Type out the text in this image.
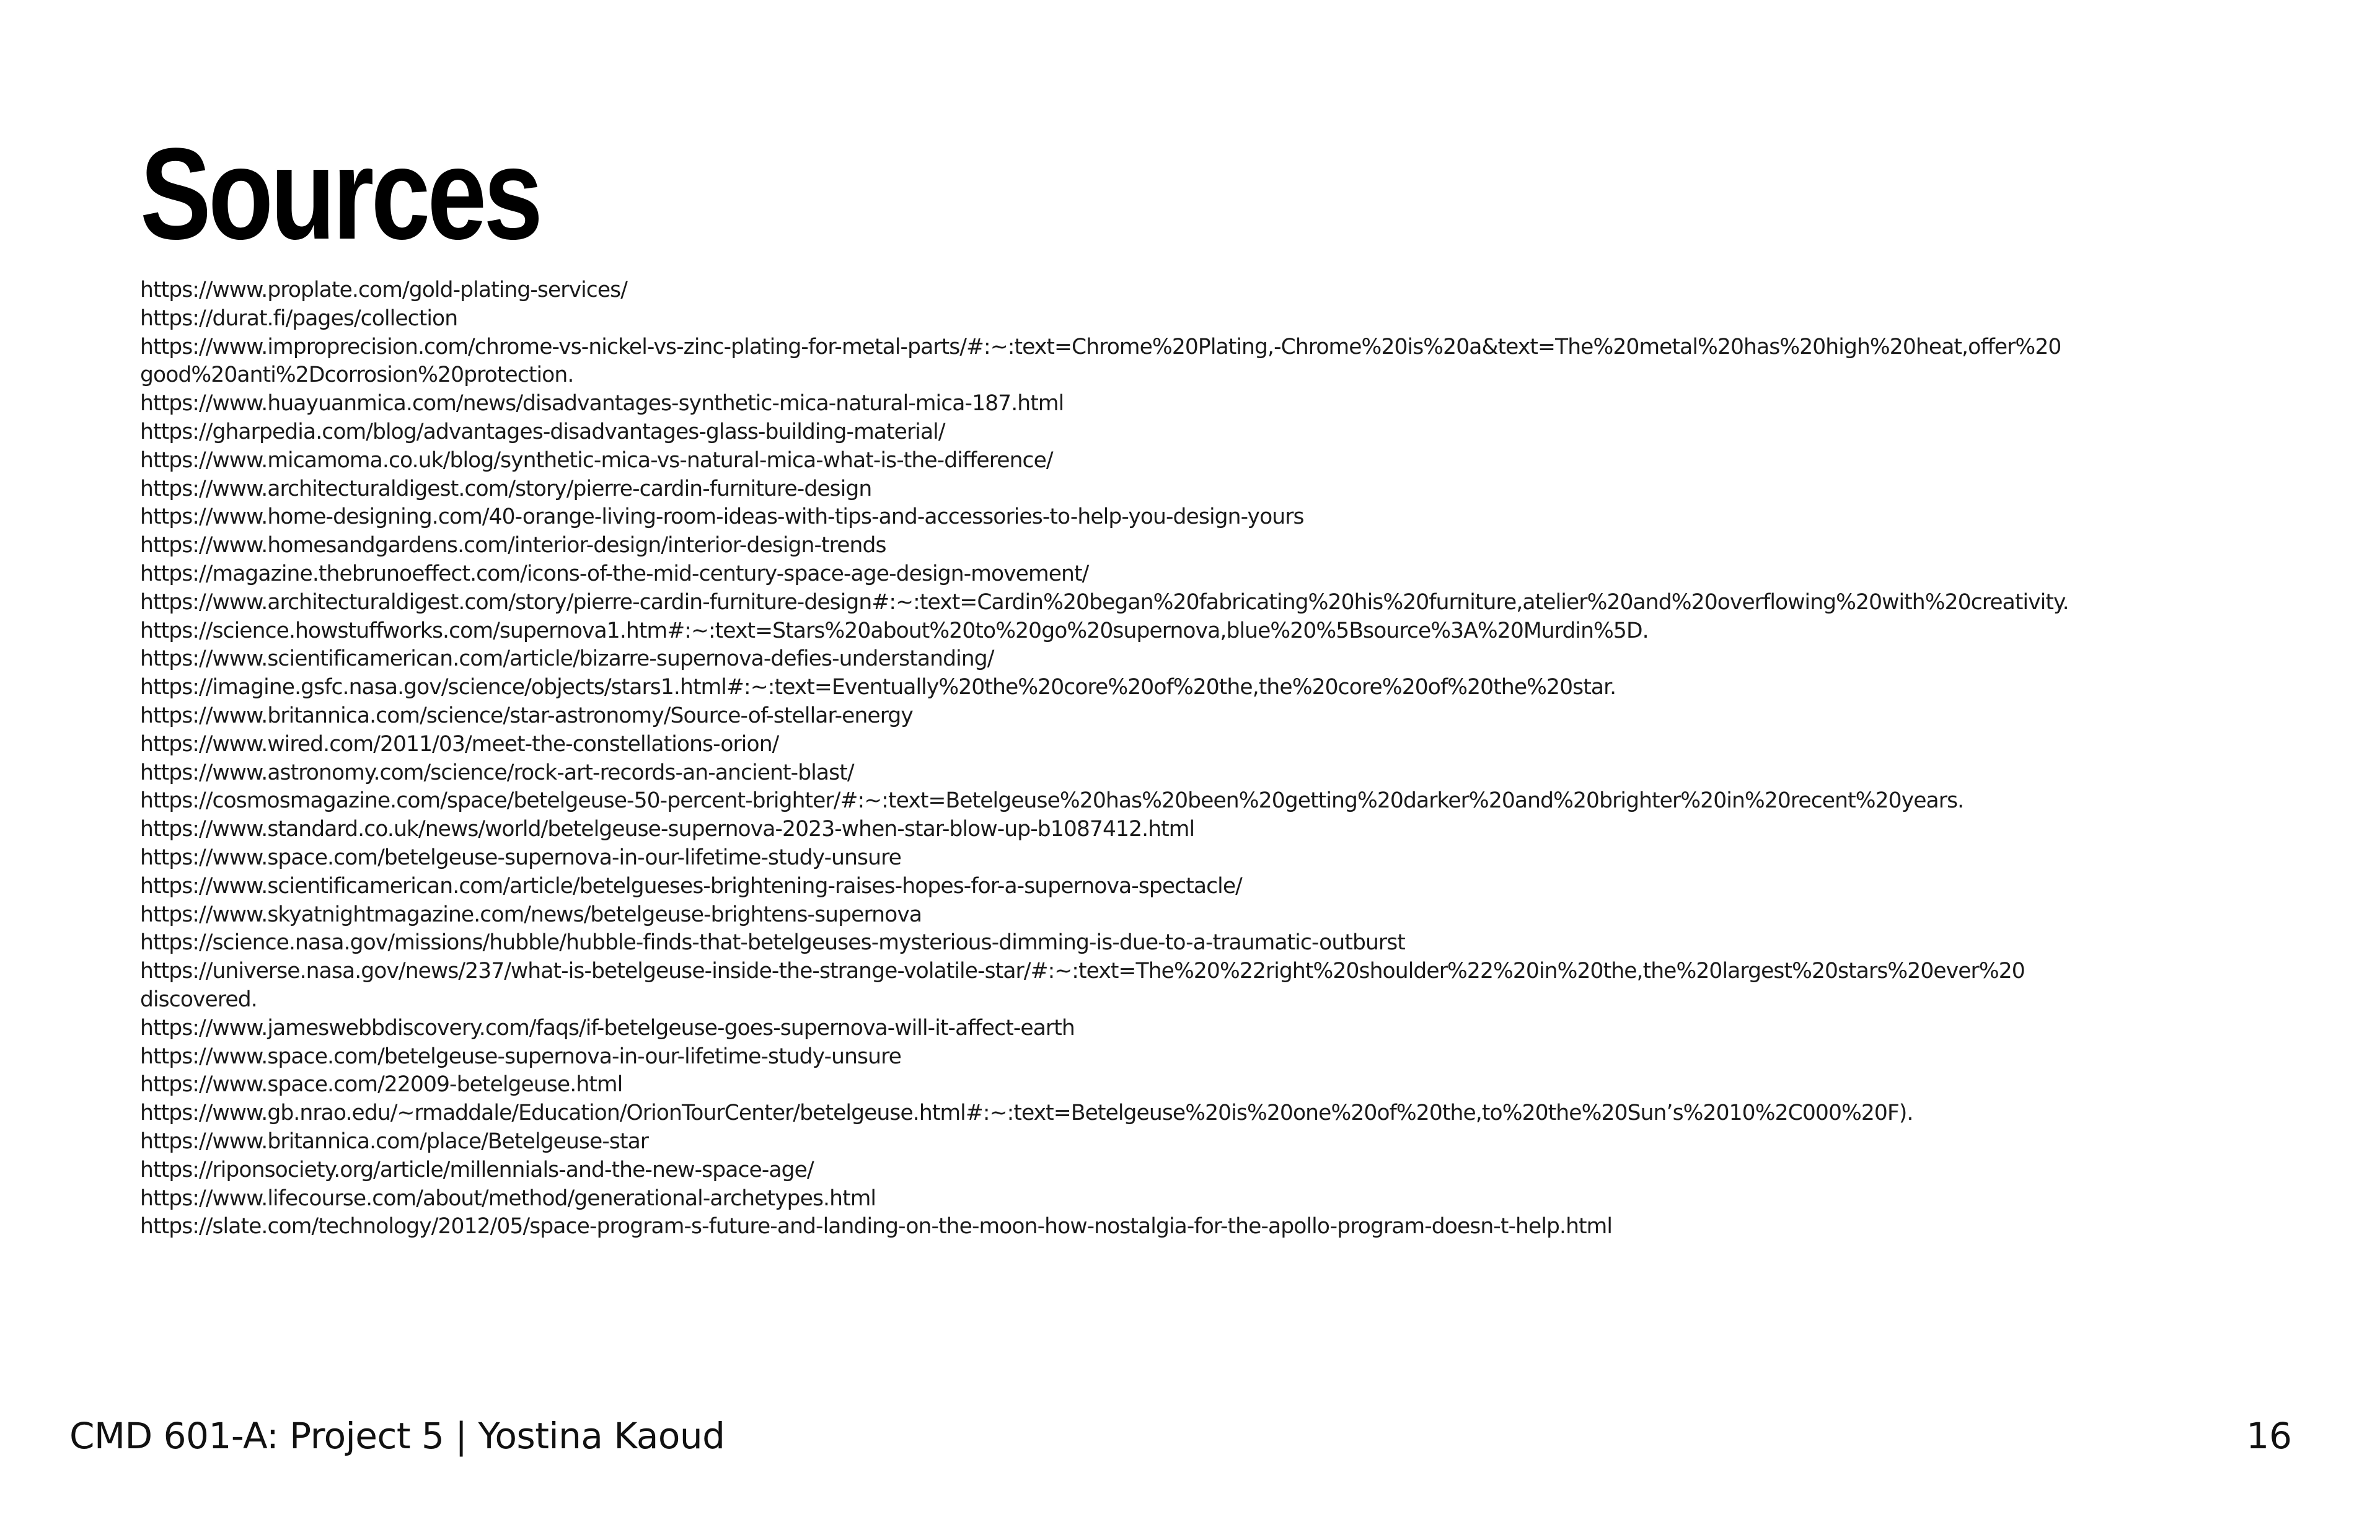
Sources
https://www.proplate.com/gold-plating-services/
https://durat.fi/pages/collection
https://www.improprecision.com/chrome-vs-nickel-vs-zinc-plating-for-metal-parts/#:~:text=Chrome%20Plating,-Chrome%20is%20a&text=The%20metal%20has%20high%20heat,offer%20
good%20anti%2Dcorrosion%20protection.
https://www.huayuanmica.com/news/disadvantages-synthetic-mica-natural-mica-187.html
https://gharpedia.com/blog/advantages-disadvantages-glass-building-material/
https://www.micamoma.co.uk/blog/synthetic-mica-vs-natural-mica-what-is-the-difference/
https://www.architecturaldigest.com/story/pierre-cardin-furniture-design
https://www.home-designing.com/40-orange-living-room-ideas-with-tips-and-accessories-to-help-you-design-yours
https://www.homesandgardens.com/interior-design/interior-design-trends
https://magazine.thebrunoeffect.com/icons-of-the-mid-century-space-age-design-movement/
https://www.architecturaldigest.com/story/pierre-cardin-furniture-design#:~:text=Cardin%20began%20fabricating%20his%20furniture,atelier%20and%20overflowing%20with%20creativity.
https://science.howstuffworks.com/supernova1.htm#:~:text=Stars%20about%20to%20go%20supernova,blue%20%5Bsource%3A%20Murdin%5D.
https://www.scientificamerican.com/article/bizarre-supernova-defies-understanding/
https://imagine.gsfc.nasa.gov/science/objects/stars1.html#:~:text=Eventually%20the%20core%20of%20the,the%20core%20of%20the%20star.
https://www.britannica.com/science/star-astronomy/Source-of-stellar-energy
https://www.wired.com/2011/03/meet-the-constellations-orion/
https://www.astronomy.com/science/rock-art-records-an-ancient-blast/
https://cosmosmagazine.com/space/betelgeuse-50-percent-brighter/#:~:text=Betelgeuse%20has%20been%20getting%20darker%20and%20brighter%20in%20recent%20years.
https://www.standard.co.uk/news/world/betelgeuse-supernova-2023-when-star-blow-up-b1087412.html
https://www.space.com/betelgeuse-supernova-in-our-lifetime-study-unsure
https://www.scientificamerican.com/article/betelgueses-brightening-raises-hopes-for-a-supernova-spectacle/
https://www.skyatnightmagazine.com/news/betelgeuse-brightens-supernova
https://science.nasa.gov/missions/hubble/hubble-finds-that-betelgeuses-mysterious-dimming-is-due-to-a-traumatic-outburst
https://universe.nasa.gov/news/237/what-is-betelgeuse-inside-the-strange-volatile-star/#:~:text=The%20%22right%20shoulder%22%20in%20the,the%20largest%20stars%20ever%20
discovered.
https://www.jameswebbdiscovery.com/faqs/if-betelgeuse-goes-supernova-will-it-affect-earth
https://www.space.com/betelgeuse-supernova-in-our-lifetime-study-unsure
https://www.space.com/22009-betelgeuse.html
https://www.gb.nrao.edu/~rmaddale/Education/OrionTourCenter/betelgeuse.html#:~:text=Betelgeuse%20is%20one%20of%20the,to%20the%20Sun’s%2010%2C000%20F).
https://www.britannica.com/place/Betelgeuse-star
https://riponsociety.org/article/millennials-and-the-new-space-age/
https://www.lifecourse.com/about/method/generational-archetypes.html
https://slate.com/technology/2012/05/space-program-s-future-and-landing-on-the-moon-how-nostalgia-for-the-apollo-program-doesn-t-help.html
CMD 601-A: Project 5 | Yostina Kaoud	16
